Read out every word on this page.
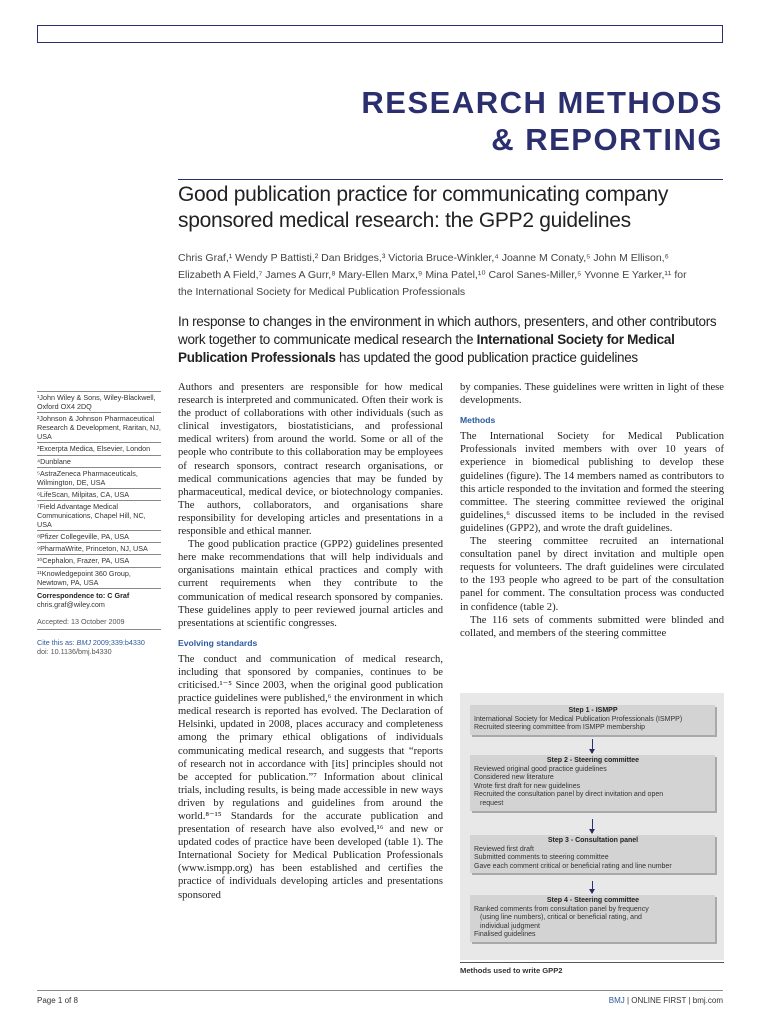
RESEARCH METHODS
& REPORTING
Good publication practice for communicating company sponsored medical research: the GPP2 guidelines
Chris Graf,¹ Wendy P Battisti,² Dan Bridges,³ Victoria Bruce-Winkler,⁴ Joanne M Conaty,⁵ John M Ellison,⁶
Elizabeth A Field,⁷ James A Gurr,⁸ Mary-Ellen Marx,⁹ Mina Patel,¹⁰ Carol Sanes-Miller,⁵ Yvonne E Yarker,¹¹ for
the International Society for Medical Publication Professionals
In response to changes in the environment in which authors, presenters, and other contributors work together to communicate medical research the International Society for Medical Publication Professionals has updated the good publication practice guidelines
¹John Wiley & Sons, Wiley-Blackwell, Oxford OX4 2DQ
²Johnson & Johnson Pharmaceutical Research & Development, Raritan, NJ, USA
³Excerpta Medica, Elsevier, London
⁴Dunblane
⁵AstraZeneca Pharmaceuticals, Wilmington, DE, USA
⁶LifeScan, Milpitas, CA, USA
⁷Field Advantage Medical Communications, Chapel Hill, NC, USA
⁸Pfizer Collegeville, PA, USA
⁹PharmaWrite, Princeton, NJ, USA
¹⁰Cephalon, Frazer, PA, USA
¹¹Knowledgepoint 360 Group, Newtown, PA, USA
Correspondence to: C Graf
chris.graf@wiley.com
Accepted: 13 October 2009
Cite this as: BMJ 2009;339:b4330
doi: 10.1136/bmj.b4330

Authors and presenters are responsible for how medical research is interpreted and communicated. Often their work is the product of collaborations with other individuals (such as clinical investigators, biostatisticians, and professional medical writers) from around the world. Some or all of the people who contribute to this collaboration may be employees of research sponsors, contract research organisations, or medical communications agencies that may be funded by pharmaceutical, medical device, or biotechnology companies. The authors, collaborators, and organisations share responsibility for developing articles and presentations in a responsible and ethical manner.

The good publication practice (GPP2) guidelines presented here make recommendations that will help individuals and organisations maintain ethical practices and comply with current requirements when they contribute to the communication of medical research sponsored by companies. These guidelines apply to peer reviewed journal articles and presentations at scientific congresses.

Evolving standards

The conduct and communication of medical research, including that sponsored by companies, continues to be criticised.¹⁻⁵ Since 2003, when the original good publication practice guidelines were published,⁶ the environment in which medical research is reported has evolved. The Declaration of Helsinki, updated in 2008, places accuracy and completeness among the primary ethical obligations of individuals communicating medical research, and suggests that “reports of research not in accordance with [its] principles should not be accepted for publication.”⁷ Information about clinical trials, including results, is being made accessible in new ways driven by regulations and guidelines from around the world.⁸⁻¹⁵ Standards for the accurate publication and presentation of research have also evolved,¹⁶ and new or updated codes of practice have been developed (table 1). The International Society for Medical Publication Professionals (www.ismpp.org) has been established and certifies the practice of individuals developing articles and presentations sponsored

by companies. These guidelines were written in light of these developments.

Methods

The International Society for Medical Publication Professionals invited members with over 10 years of experience in biomedical publishing to develop these guidelines (figure). The 14 members named as contributors to this article responded to the invitation and formed the steering committee. The steering committee reviewed the original guidelines,⁶ discussed items to be included in the revised guidelines (GPP2), and wrote the draft guidelines.

The steering committee recruited an international consultation panel by direct invitation and multiple open requests for volunteers. The draft guidelines were circulated to the 193 people who agreed to be part of the consultation panel for comment. The consultation process was conducted in confidence (table 2).

The 116 sets of comments submitted were blinded and collated, and members of the steering committee

Step 1 - ISMPP
International Society for Medical Publication Professionals (ISMPP)
Recruited steering committee from ISMPP membership
Step 2 - Steering committee
Reviewed original good practice guidelines
Considered new literature
Wrote first draft for new guidelines
Recruited the consultation panel by direct invitation and open
request
Step 3 - Consultation panel
Reviewed first draft
Submitted comments to steering committee
Gave each comment critical or beneficial rating and line number
Step 4 - Steering committee
Ranked comments from consultation panel by frequency
(using line numbers), critical or beneficial rating, and
individual judgment
Finalised guidelines
Methods used to write GPP2
Page 1 of 8	BMJ | ONLINE FIRST | bmj.com
